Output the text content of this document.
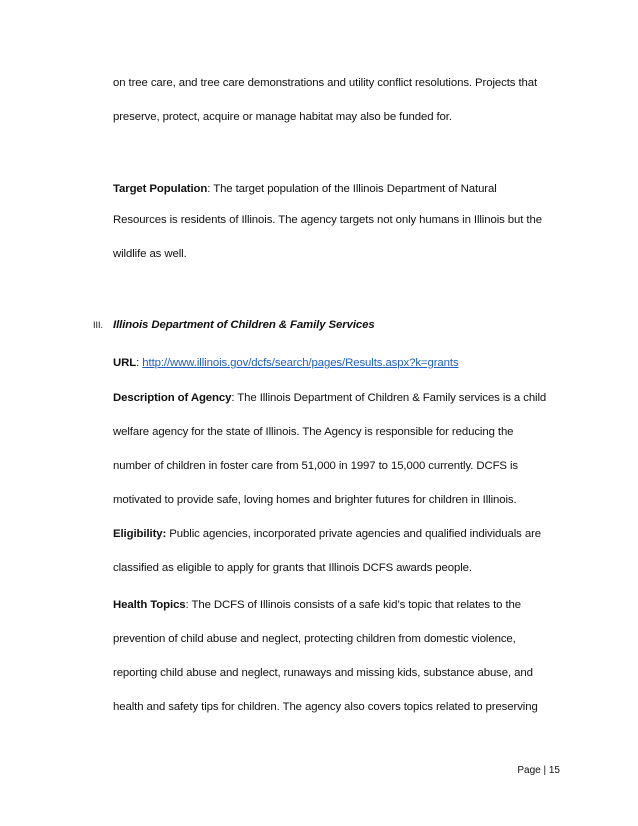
on tree care, and tree care demonstrations and utility conflict resolutions. Projects that
preserve, protect, acquire or manage habitat may also be funded for.
Target Population: The target population of the Illinois Department of Natural
Resources is residents of Illinois. The agency targets not only humans in Illinois but the
wildlife as well.
III. Illinois Department of Children & Family Services
URL: http://www.illinois.gov/dcfs/search/pages/Results.aspx?k=grants
Description of Agency: The Illinois Department of Children & Family services is a child
welfare agency for the state of Illinois. The Agency is responsible for reducing the
number of children in foster care from 51,000 in 1997 to 15,000 currently. DCFS is
motivated to provide safe, loving homes and brighter futures for children in Illinois.
Eligibility: Public agencies, incorporated private agencies and qualified individuals are
classified as eligible to apply for grants that Illinois DCFS awards people.
Health Topics: The DCFS of Illinois consists of a safe kid’s topic that relates to the
prevention of child abuse and neglect, protecting children from domestic violence,
reporting child abuse and neglect, runaways and missing kids, substance abuse, and
health and safety tips for children. The agency also covers topics related to preserving
Page | 15
